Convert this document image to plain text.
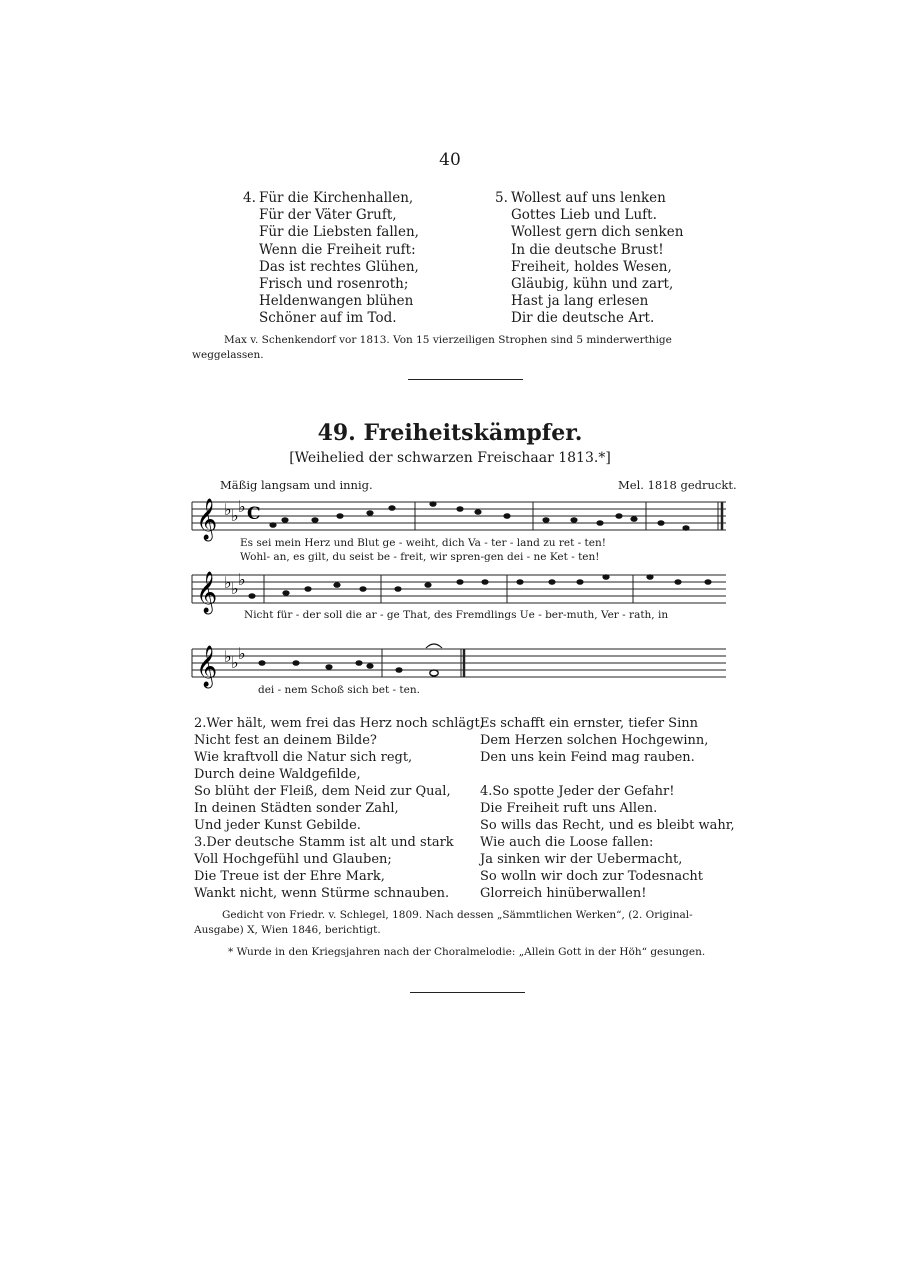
40
4. Für die Kirchenhallen,
Für der Väter Gruft,
Für die Liebsten fallen,
Wenn die Freiheit ruft:
Das ist rechtes Glühen,
Frisch und rosenroth;
Heldenwangen blühen
Schöner auf im Tod.
5. Wollest auf uns lenken
Gottes Lieb und Luft.
Wollest gern dich senken
In die deutsche Brust!
Freiheit, holdes Wesen,
Gläubig, kühn und zart,
Hast ja lang erlesen
Dir die deutsche Art.
Max v. Schenkendorf vor 1813. Von 15 vierzeiligen Strophen sind 5 minderwerthige
weggelassen.
49. Freiheitskämpfer.
[Weihelied der schwarzen Freischaar 1813.*]
Mäßig langsam und innig.	Mel. 1818 gedruckt.
𝄞 ♭ ♭ ♭ C
𝄞 ♭ ♭ ♭
𝄞 ♭ ♭ ♭
Es sei mein Herz und Blut ge - weiht, dich Va - ter - land zu ret - ten!
Wohl- an, es gilt, du seist be - freit, wir spren-gen dei - ne Ket - ten!
Nicht für - der soll die ar - ge That, des Fremdlings Ue - ber-muth, Ver - rath, in
dei - nem Schoß sich bet - ten.
2.Wer hält, wem frei das Herz noch schlägt,
Nicht fest an deinem Bilde?
Wie kraftvoll die Natur sich regt,
Durch deine Waldgefilde,
So blüht der Fleiß, dem Neid zur Qual,
In deinen Städten sonder Zahl,
Und jeder Kunst Gebilde.
3.Der deutsche Stamm ist alt und stark
Voll Hochgefühl und Glauben;
Die Treue ist der Ehre Mark,
Wankt nicht, wenn Stürme schnauben.
Es schafft ein ernster, tiefer Sinn
Dem Herzen solchen Hochgewinn,
Den uns kein Feind mag rauben.
4.So spotte Jeder der Gefahr!
Die Freiheit ruft uns Allen.
So wills das Recht, und es bleibt wahr,
Wie auch die Loose fallen:
Ja sinken wir der Uebermacht,
So wolln wir doch zur Todesnacht
Glorreich hinüberwallen!
Gedicht von Friedr. v. Schlegel, 1809. Nach dessen „Sämmtlichen Werken“, (2. Original-
Ausgabe) X, Wien 1846, berichtigt.
* Wurde in den Kriegsjahren nach der Choralmelodie: „Allein Gott in der Höh“ gesungen.
